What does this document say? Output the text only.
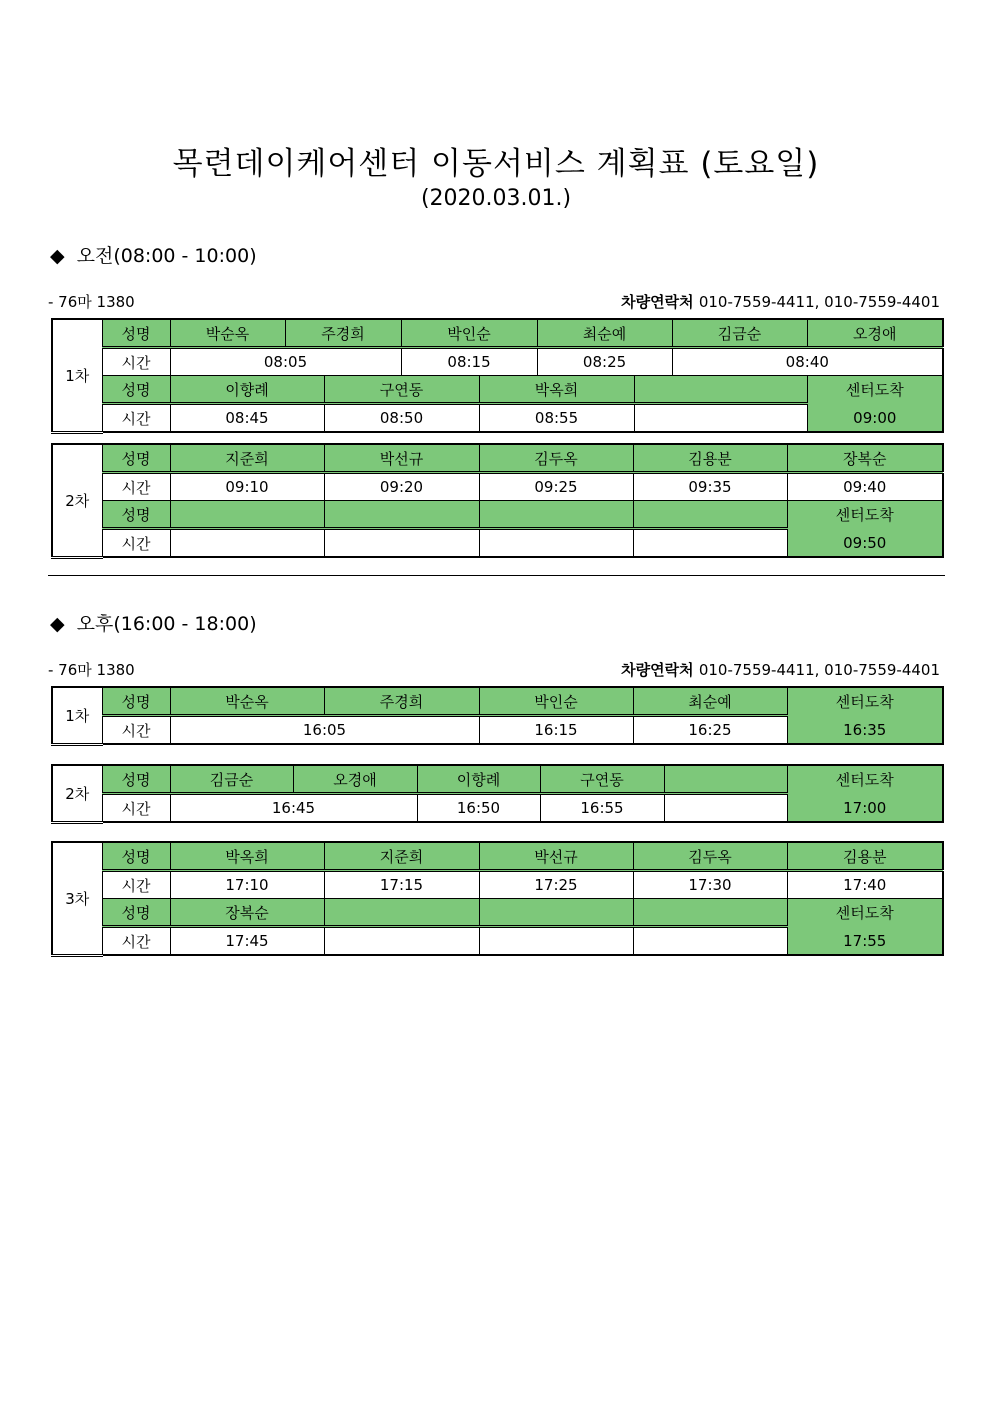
목련데이케어센터 이동서비스 계획표 (토요일)
(2020.03.01.)
◆ 오전(08:00 - 10:00)
- 76마 1380	차량연락처 010-7559-4411, 010-7559-4401
1차	성명	박순옥	주경희		박인순		최순예		김금순	오경애
	시간	08:05			08:15		08:25		08:40	
	성명	이향례		구연동		박옥희				센터도착
	시간	08:45		08:50		08:55				09:00
2차	성명	지준희	박선규	김두옥	김용분	장복순
	시간	09:10	09:20	09:25	09:35	09:40
	성명					센터도착
	시간					09:50
◆ 오후(16:00 - 18:00)
- 76마 1380	차량연락처 010-7559-4411, 010-7559-4401
1차	성명	박순옥	주경희	박인순	최순예	센터도착
	시간	16:05		16:15	16:25	16:35
2차	성명	김금순	오경애	이향례	구연동		센터도착
	시간	16:45		16:50	16:55		17:00
3차	성명	박옥희	지준희	박선규	김두옥	김용분
	시간	17:10	17:15	17:25	17:30	17:40
	성명	장복순				센터도착
	시간	17:45				17:55
